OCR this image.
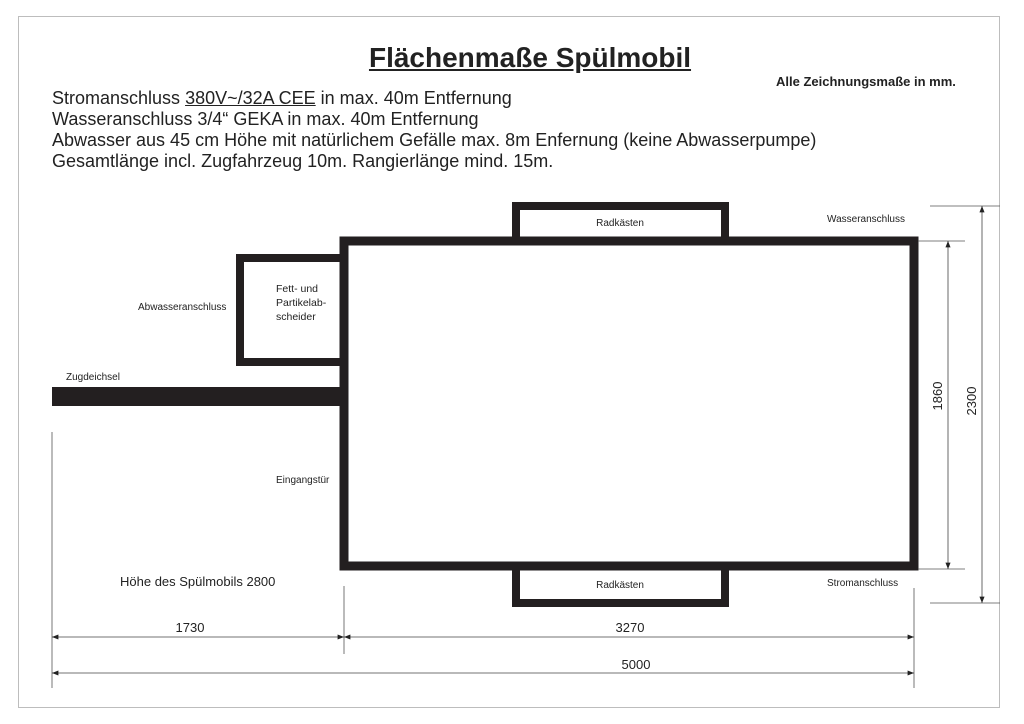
Flächenmaße Spülmobil
Alle Zeichnungsmaße in mm.
Stromanschluss 380V~/32A CEE in max. 40m Entfernung
Wasseranschluss 3/4“ GEKA in max. 40m Entfernung
Abwasser aus 45 cm Höhe mit natürlichem Gefälle max. 8m Enfernung (keine Abwasserpumpe)
Gesamtlänge incl. Zugfahrzeug 10m. Rangierlänge mind. 15m.
1730	3270
5000
1860 2300
Radkästen
Radkästen
Wasseranschluss
Stromanschluss
Abwasseranschluss
Fett- und
Partikelab-
scheider
Zugdeichsel
Eingangstür
Höhe des Spülmobils 2800
